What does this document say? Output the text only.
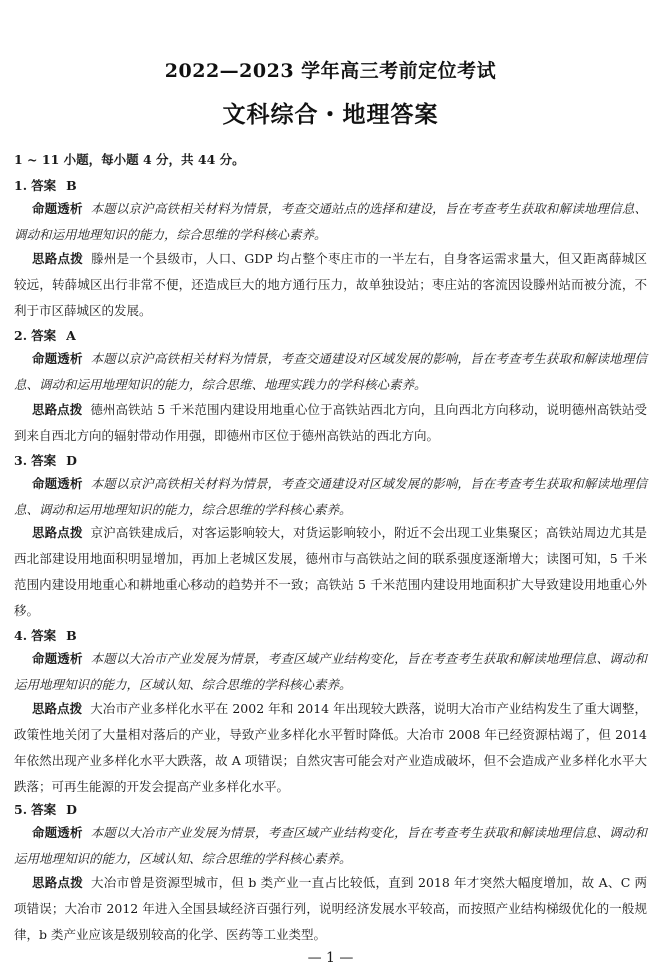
2022—2023 学年高三考前定位考试
文科综合・地理答案
1 ~ 11 小题，每小题 4 分，共 44 分。
1. 答案 B

命题透析 本题以京沪高铁相关材料为情景，考查交通站点的选择和建设，旨在考查考生获取和解读地理信息、调动和运用地理知识的能力，综合思维的学科核心素养。

思路点拨 滕州是一个县级市，人口、GDP 均占整个枣庄市的一半左右，自身客运需求量大，但又距离薛城区较远，转薛城区出行非常不便，还造成巨大的地方通行压力，故单独设站；枣庄站的客流因设滕州站而被分流，不利于市区薛城区的发展。

2. 答案 A

命题透析 本题以京沪高铁相关材料为情景，考查交通建设对区域发展的影响，旨在考查考生获取和解读地理信息、调动和运用地理知识的能力，综合思维、地理实践力的学科核心素养。

思路点拨 德州高铁站 5 千米范围内建设用地重心位于高铁站西北方向，且向西北方向移动，说明德州高铁站受到来自西北方向的辐射带动作用强，即德州市区位于德州高铁站的西北方向。

3. 答案 D

命题透析 本题以京沪高铁相关材料为情景，考查交通建设对区域发展的影响，旨在考查考生获取和解读地理信息、调动和运用地理知识的能力，综合思维的学科核心素养。

思路点拨 京沪高铁建成后，对客运影响较大，对货运影响较小，附近不会出现工业集聚区；高铁站周边尤其是西北部建设用地面积明显增加，再加上老城区发展，德州市与高铁站之间的联系强度逐渐增大；读图可知，5 千米范围内建设用地重心和耕地重心移动的趋势并不一致；高铁站 5 千米范围内建设用地面积扩大导致建设用地重心外移。

4. 答案 B

命题透析 本题以大冶市产业发展为情景，考查区域产业结构变化，旨在考查考生获取和解读地理信息、调动和运用地理知识的能力，区域认知、综合思维的学科核心素养。

思路点拨 大冶市产业多样化水平在 2002 年和 2014 年出现较大跌落，说明大冶市产业结构发生了重大调整，政策性地关闭了大量相对落后的产业，导致产业多样化水平暂时降低。大冶市 2008 年已经资源枯竭了，但 2014 年依然出现产业多样化水平大跌落，故 A 项错误；自然灾害可能会对产业造成破坏，但不会造成产业多样化水平大跌落；可再生能源的开发会提高产业多样化水平。

5. 答案 D

命题透析 本题以大冶市产业发展为情景，考查区域产业结构变化，旨在考查考生获取和解读地理信息、调动和运用地理知识的能力，区域认知、综合思维的学科核心素养。

思路点拨 大冶市曾是资源型城市，但 b 类产业一直占比较低，直到 2018 年才突然大幅度增加，故 A、C 两项错误；大冶市 2012 年进入全国县域经济百强行列，说明经济发展水平较高，而按照产业结构梯级优化的一般规律，b 类产业应该是级别较高的化学、医药等工业类型。

— 1 —
